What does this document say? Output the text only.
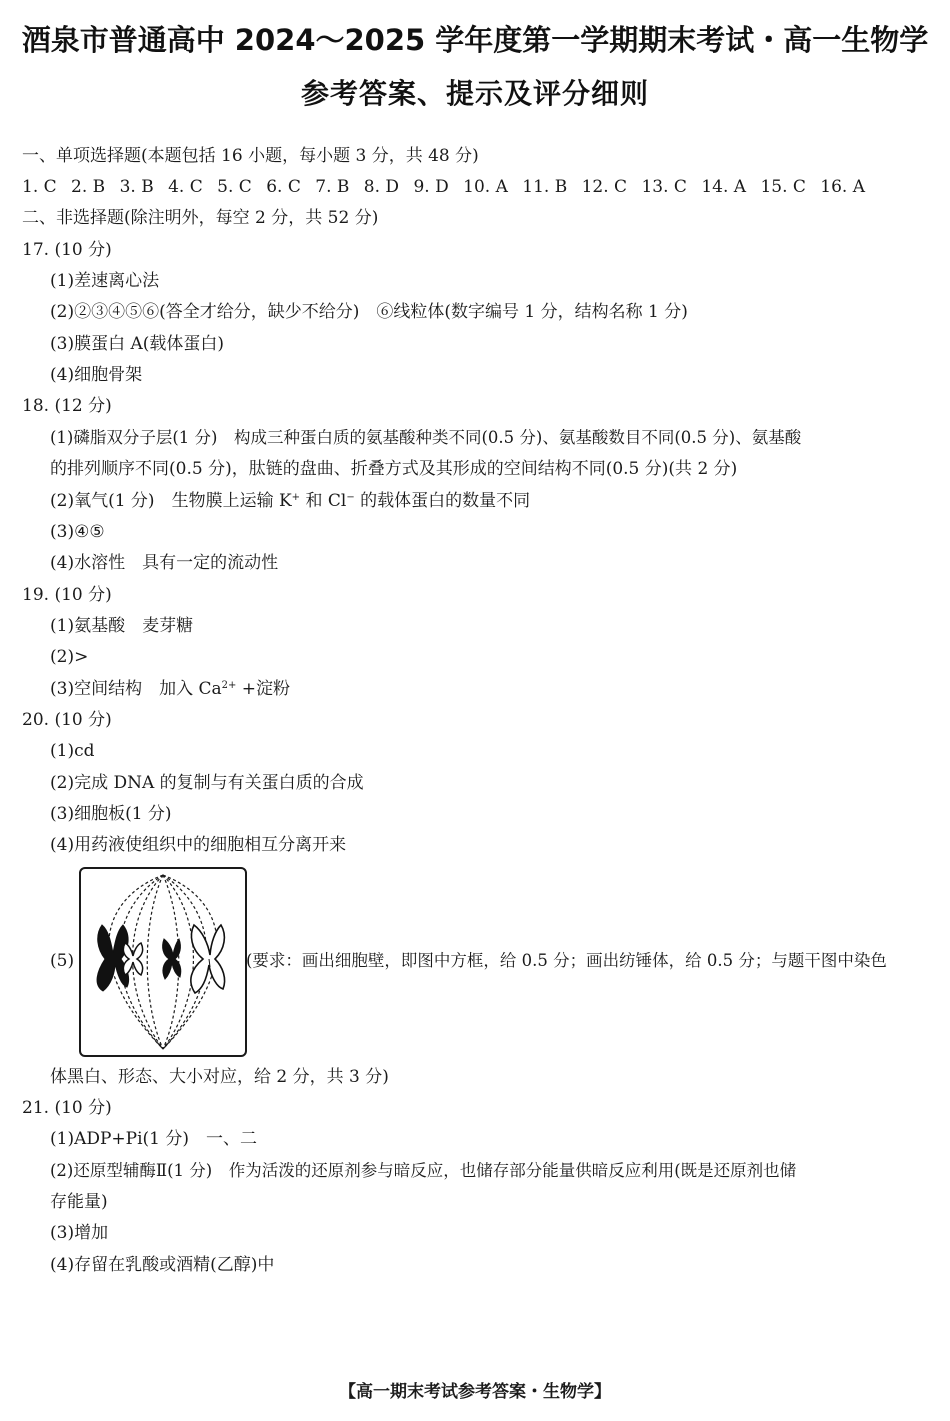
酒泉市普通高中 2024～2025 学年度第一学期期末考试・高一生物学
参考答案、提示及评分细则
一、单项选择题(本题包括 16 小题，每小题 3 分，共 48 分)
1. C 2. B 3. B 4. C 5. C 6. C 7. B 8. D 9. D 10. A 11. B 12. C 13. C 14. A 15. C 16. A
二、非选择题(除注明外，每空 2 分，共 52 分)
17. (10 分)
(1)差速离心法
(2)②③④⑤⑥(答全才给分，缺少不给分)　⑥线粒体(数字编号 1 分，结构名称 1 分)
(3)膜蛋白 A(载体蛋白)
(4)细胞骨架
18. (12 分)
(1)磷脂双分子层(1 分)　构成三种蛋白质的氨基酸种类不同(0.5 分)、氨基酸数目不同(0.5 分)、氨基酸
的排列顺序不同(0.5 分)，肽链的盘曲、折叠方式及其形成的空间结构不同(0.5 分)(共 2 分)
(2)氧气(1 分)　生物膜上运输 K+ 和 Cl− 的载体蛋白的数量不同
(3)④⑤
(4)水溶性　具有一定的流动性
19. (10 分)
(1)氨基酸　麦芽糖
(2)>
(3)空间结构　加入 $Ca^{2+}$ +淀粉
20. (10 分)
(1)cd
(2)完成 DNA 的复制与有关蛋白质的合成
(3)细胞板(1 分)
(4)用药液使组织中的细胞相互分离开来
(5)	(要求：画出细胞壁，即图中方框，给 0.5 分；画出纺锤体，给 0.5 分；与题干图中染色
体黑白、形态、大小对应，给 2 分，共 3 分)
21. (10 分)
(1)ADP+Pi(1 分)　一、二
(2)还原型辅酶Ⅱ(1 分)　作为活泼的还原剂参与暗反应，也储存部分能量供暗反应利用(既是还原剂也储
存能量)
(3)增加
(4)存留在乳酸或酒精(乙醇)中
【高一期末考试参考答案・生物学】
